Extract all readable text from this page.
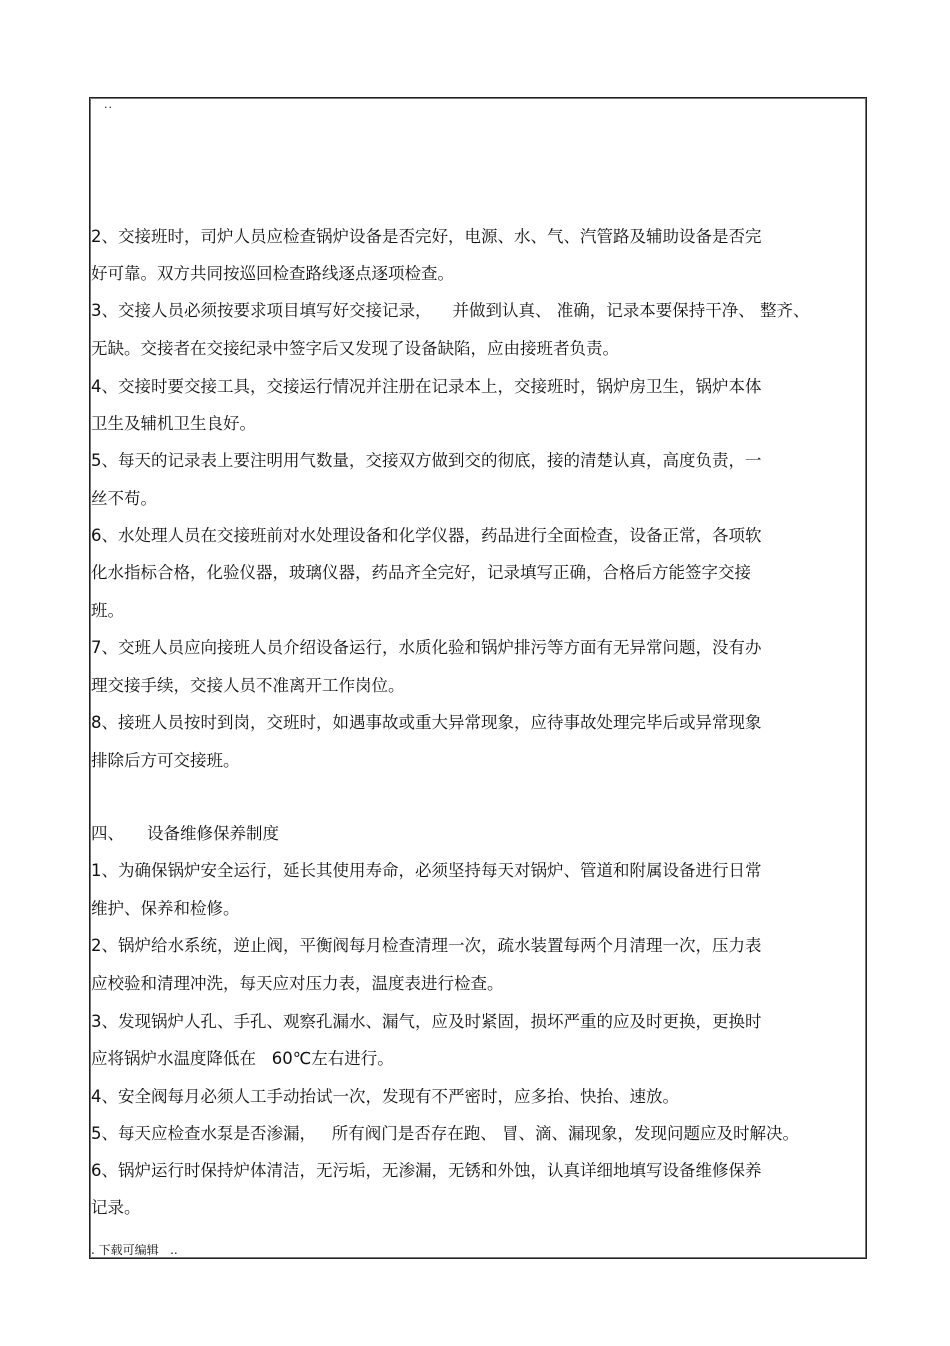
..
2、交接班时，司炉人员应检查锅炉设备是否完好，电源、水、气、汽管路及辅助设备是否完
好可靠。双方共同按巡回检查路线逐点逐项检查。
3、交接人员必须按要求项目填写好交接记录，    并做到认真、 准确，记录本要保持干净、 整齐、
无缺。交接者在交接纪录中签字后又发现了设备缺陷，应由接班者负责。
4、交接时要交接工具，交接运行情况并注册在记录本上，交接班时，锅炉房卫生，锅炉本体
卫生及辅机卫生良好。
5、每天的记录表上要注明用气数量，交接双方做到交的彻底，接的清楚认真，高度负责，一
丝不苟。
6、水处理人员在交接班前对水处理设备和化学仪器，药品进行全面检查，设备正常，各项软
化水指标合格，化验仪器，玻璃仪器，药品齐全完好，记录填写正确，合格后方能签字交接
班。
7、交班人员应向接班人员介绍设备运行，水质化验和锅炉排污等方面有无异常问题，没有办
理交接手续，交接人员不准离开工作岗位。
8、接班人员按时到岗，交班时，如遇事故或重大异常现象，应待事故处理完毕后或异常现象
排除后方可交接班。
四、 设备维修保养制度
1、为确保锅炉安全运行，延长其使用寿命，必须坚持每天对锅炉、管道和附属设备进行日常
维护、保养和检修。
2、锅炉给水系统，逆止阀，平衡阀每月检查清理一次，疏水装置每两个月清理一次，压力表
应校验和清理冲洗，每天应对压力表，温度表进行检查。
3、发现锅炉人孔、手孔、观察孔漏水、漏气，应及时紧固，损坏严重的应及时更换，更换时
应将锅炉水温度降低在   60℃左右进行。
4、安全阀每月必须人工手动抬试一次，发现有不严密时，应多抬、快抬、速放。
5、每天应检查水泵是否渗漏，   所有阀门是否存在跑、 冒、滴、漏现象，发现问题应及时解决。
6、锅炉运行时保持炉体清洁，无污垢，无渗漏，无锈和外蚀，认真详细地填写设备维修保养
记录。
. 下载可编辑   ..
